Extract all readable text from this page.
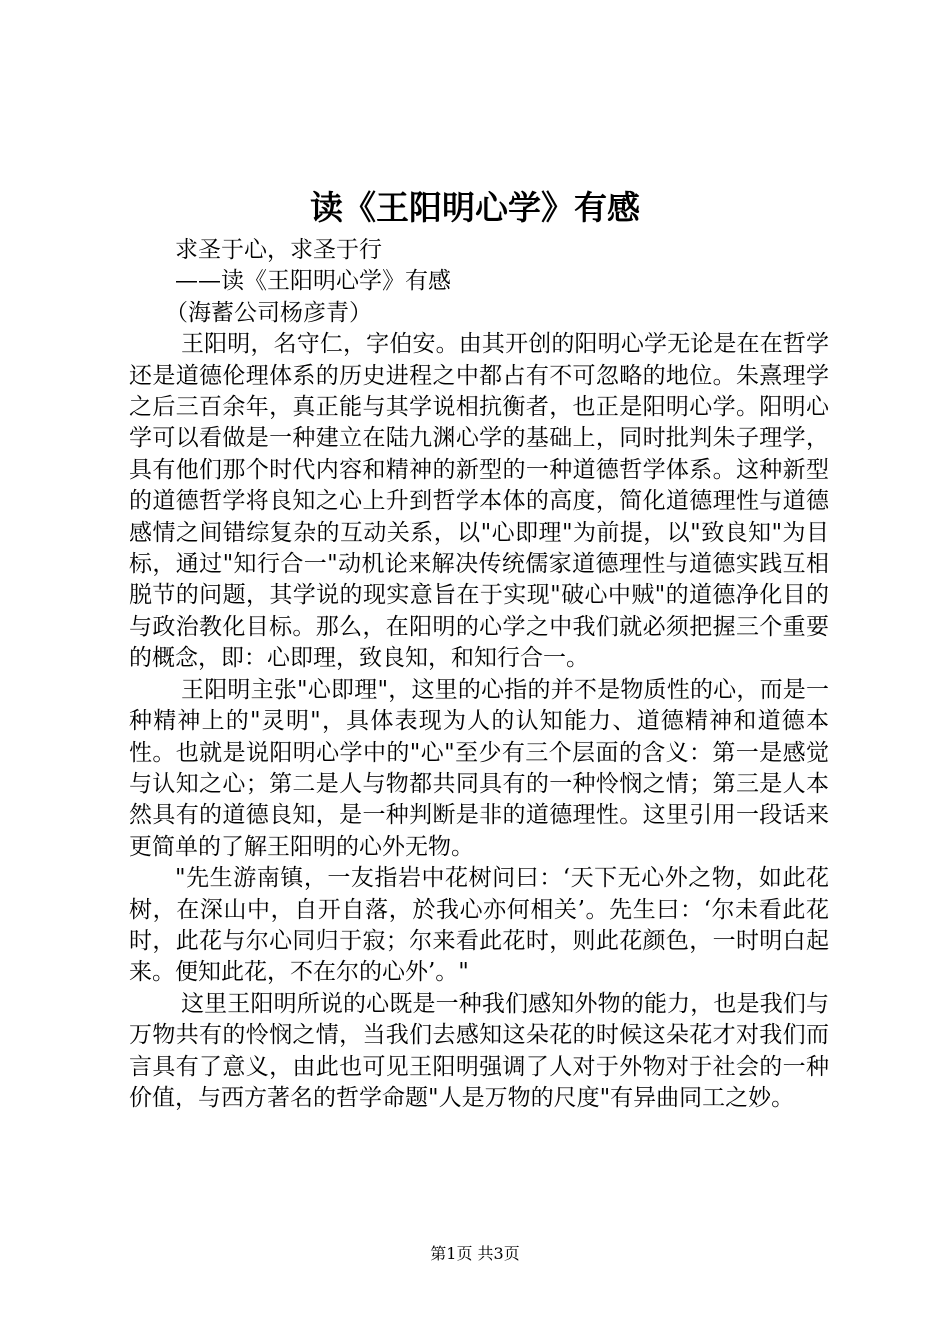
读《王阳明心学》有感

求圣于心，求圣于行

——读《王阳明心学》有感

（海蓄公司杨彦青）

王阳明，名守仁，字伯安。由其开创的阳明心学无论是在在哲学还是道德伦理体系的历史进程之中都占有不可忽略的地位。朱熹理学之后三百余年，真正能与其学说相抗衡者，也正是阳明心学。阳明心学可以看做是一种建立在陆九渊心学的基础上，同时批判朱子理学，具有他们那个时代内容和精神的新型的一种道德哲学体系。这种新型的道德哲学将良知之心上升到哲学本体的高度，简化道德理性与道德感情之间错综复杂的互动关系，以"心即理"为前提，以"致良知"为目标，通过"知行合一"动机论来解决传统儒家道德理性与道德实践互相脱节的问题，其学说的现实意旨在于实现"破心中贼"的道德净化目的与政治教化目标。那么，在阳明的心学之中我们就必须把握三个重要的概念，即：心即理，致良知，和知行合一。

王阳明主张"心即理"，这里的心指的并不是物质性的心，而是一种精神上的"灵明"，具体表现为人的认知能力、道德精神和道德本性。也就是说阳明心学中的"心"至少有三个层面的含义：第一是感觉与认知之心；第二是人与物都共同具有的一种怜悯之情；第三是人本然具有的道德良知，是一种判断是非的道德理性。这里引用一段话来更简单的了解王阳明的心外无物。

"先生游南镇，一友指岩中花树问曰：‘天下无心外之物，如此花树，在深山中，自开自落，於我心亦何相关’。先生曰：‘尔未看此花时，此花与尔心同归于寂；尔来看此花时，则此花颜色，一时明白起来。便知此花，不在尔的心外’。"

这里王阳明所说的心既是一种我们感知外物的能力，也是我们与万物共有的怜悯之情，当我们去感知这朵花的时候这朵花才对我们而言具有了意义，由此也可见王阳明强调了人对于外物对于社会的一种价值，与西方著名的哲学命题"人是万物的尺度"有异曲同工之妙。

第1页 共3页
